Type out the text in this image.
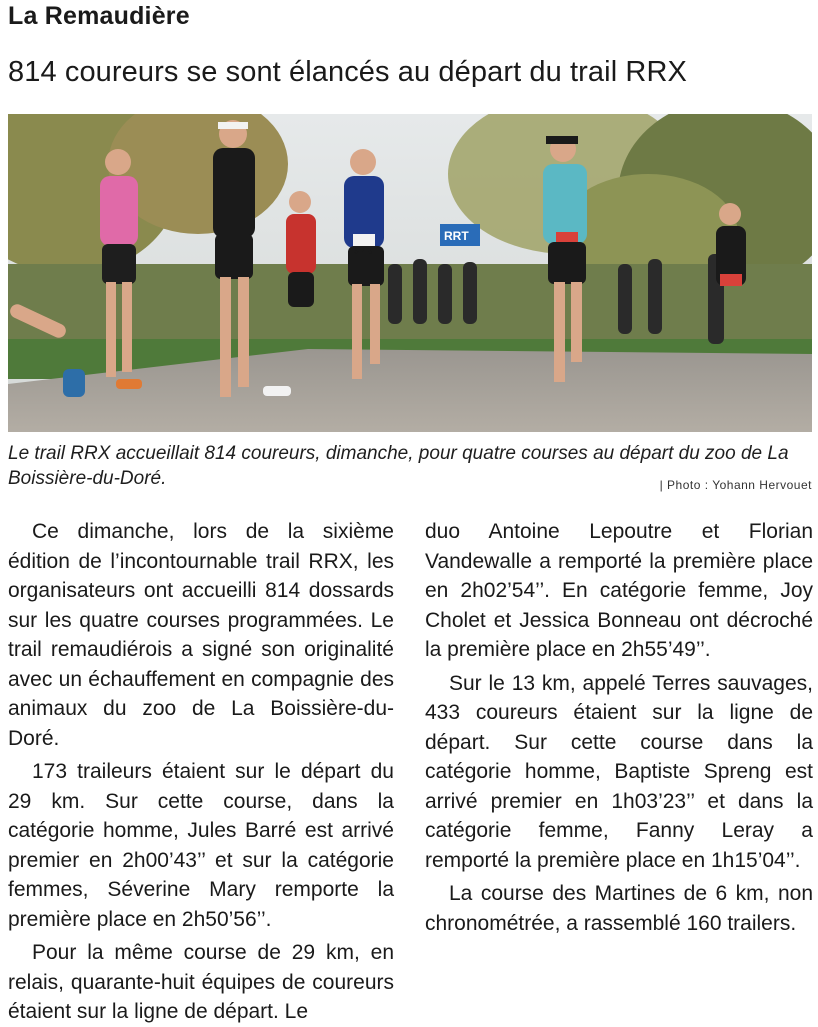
La Remaudière
814 coureurs se sont élancés au départ du trail RRX
RRT
5.4BT
Le trail RRX accueillait 814 coureurs, dimanche, pour quatre courses au départ du zoo de La Boissière-du-Doré.	| Photo : Yohann Hervouet

Ce dimanche, lors de la sixième édition de l’incontournable trail RRX, les organisateurs ont accueilli 814 dossards sur les quatre courses programmées. Le trail remaudiérois a signé son originalité avec un échauffement en compagnie des animaux du zoo de La Boissière-du-Doré.

173 traileurs étaient sur le départ du 29 km. Sur cette course, dans la catégorie homme, Jules Barré est arrivé premier en 2h00’43’’ et sur la catégorie femmes, Séverine Mary remporte la première place en 2h50’56’’.

Pour la même course de 29 km, en relais, quarante-huit équipes de coureurs étaient sur la ligne de départ. Le

duo Antoine Lepoutre et Florian Vandewalle a remporté la première place en 2h02’54’’. En catégorie femme, Joy Cholet et Jessica Bonneau ont décroché la première place en 2h55’49’’.

Sur le 13 km, appelé Terres sauvages, 433 coureurs étaient sur la ligne de départ. Sur cette course dans la catégorie homme, Baptiste Spreng est arrivé premier en 1h03’23’’ et dans la catégorie femme, Fanny Leray a remporté la première place en 1h15’04’’.

La course des Martines de 6 km, non chronométrée, a rassemblé 160 trailers.
